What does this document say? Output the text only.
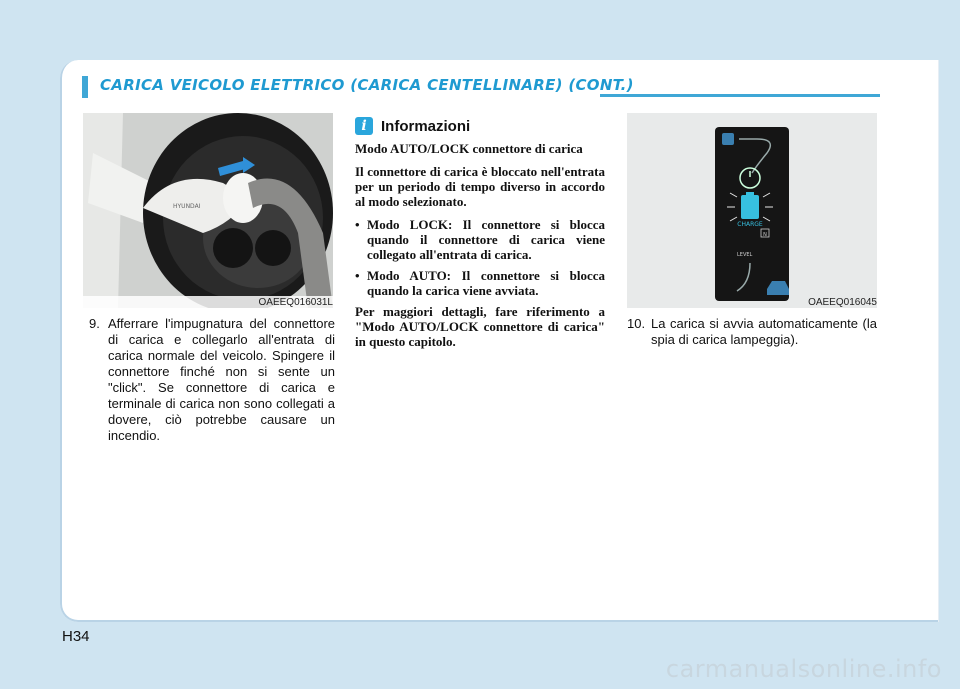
CARICA VEICOLO ELETTRICO (CARICA CENTELLINARE) (CONT.)
HYUNDAI
OAEEQ016031L
CHARGE
N
LEVEL
OAEEQ016045
9. Afferrare l'impugnatura del connettore di carica e collegarlo all'entrata di carica normale del veicolo. Spingere il connettore finché non si sente un "click". Se connettore di carica e terminale di carica non sono collegati a dovere, ciò potrebbe causare un incendio.
i Informazioni

Modo AUTO/LOCK connettore di carica

Il connettore di carica è bloccato nell'entrata per un periodo di tempo diverso in accordo al modo selezionato.

• Modo LOCK: Il connettore si blocca quando il connettore di carica viene collegato all'entrata di carica.
• Modo AUTO: Il connettore si blocca quando la carica viene avviata.

Per maggiori dettagli, fare riferimento a "Modo AUTO/LOCK connettore di carica" in questo capitolo.

10. La carica si avvia automaticamente (la spia di carica lampeggia).
H34
carmanualsonline.info
